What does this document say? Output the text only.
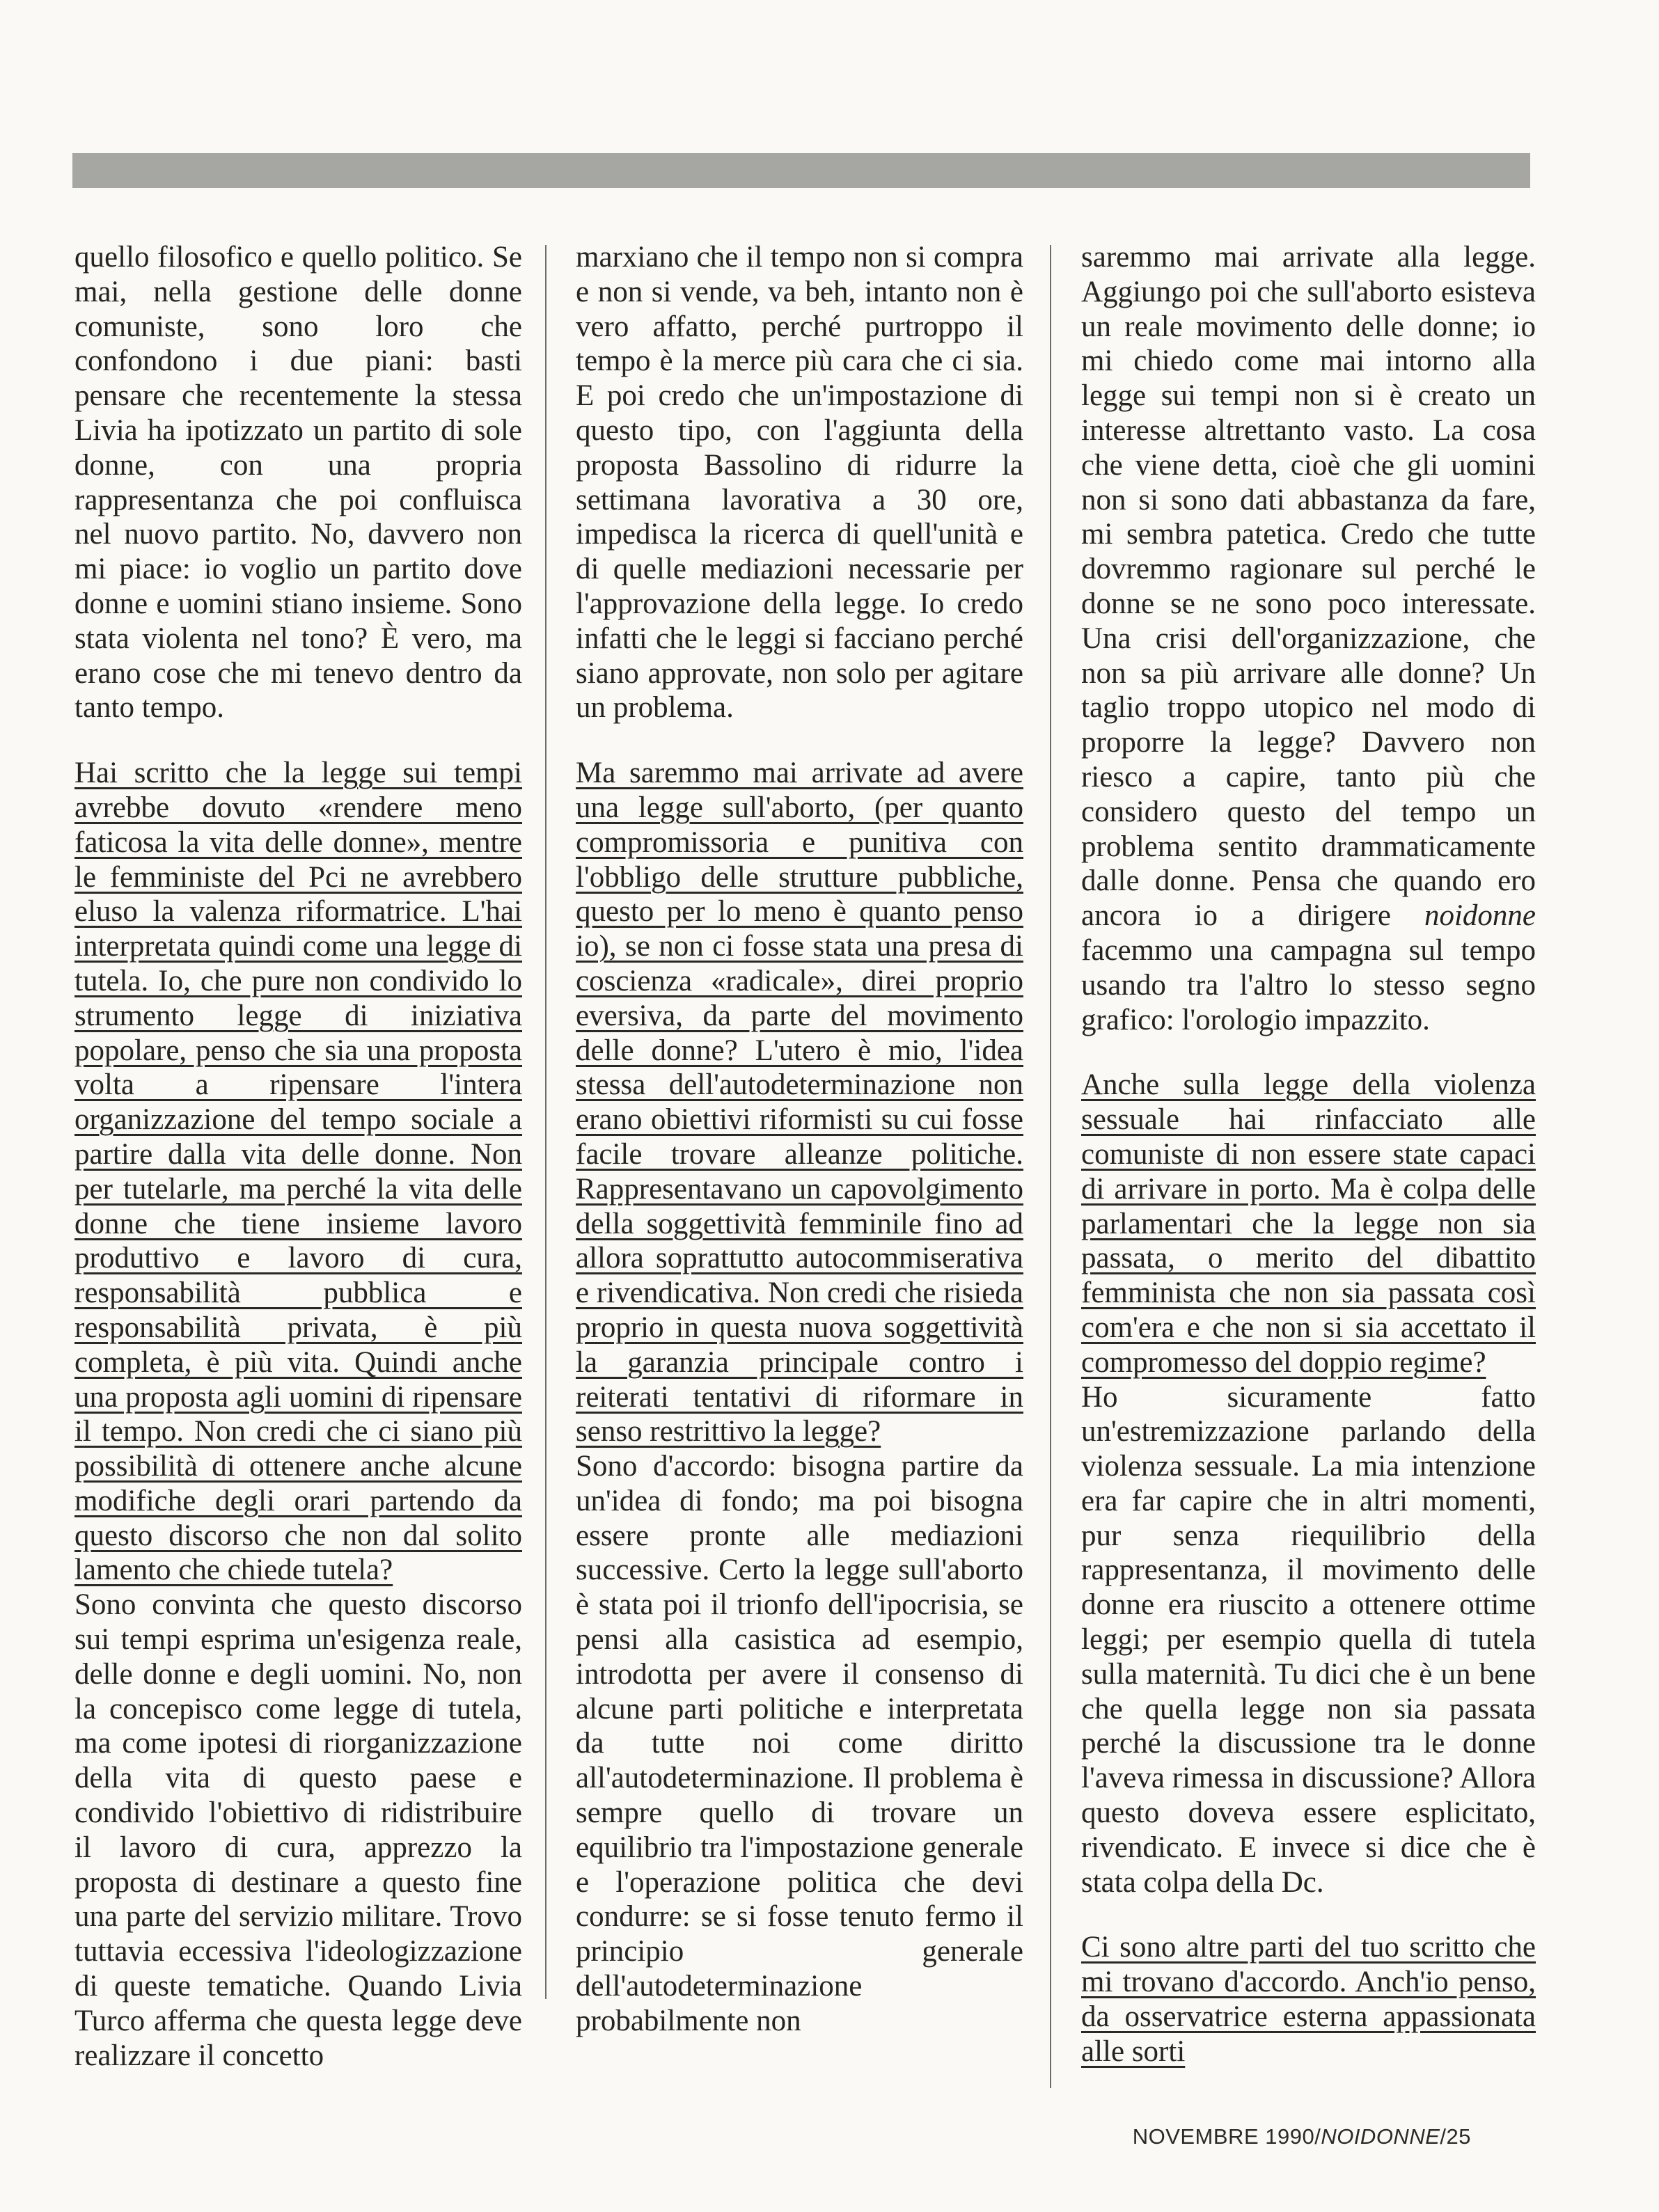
quello filosofico e quello politico. Se mai, nella gestione delle donne comuniste, sono loro che confondono i due piani: basti pensare che recentemente la stessa Livia ha ipotizzato un partito di sole donne, con una propria rappresentanza che poi confluisca nel nuovo partito. No, davvero non mi piace: io voglio un partito dove donne e uomini stiano insieme. Sono stata violenta nel tono? È vero, ma erano cose che mi tenevo dentro da tanto tempo.

Hai scritto che la legge sui tempi avrebbe dovuto «rendere meno faticosa la vita delle donne», mentre le femministe del Pci ne avrebbero eluso la valenza riformatrice. L'hai interpretata quindi come una legge di tutela. Io, che pure non condivido lo strumento legge di iniziativa popolare, penso che sia una proposta volta a ripensare l'intera organizzazione del tempo sociale a partire dalla vita delle donne. Non per tutelarle, ma perché la vita delle donne che tiene insieme lavoro produttivo e lavoro di cura, responsabilità pubblica e responsabilità privata, è più completa, è più vita. Quindi anche una proposta agli uomini di ripensare il tempo. Non credi che ci siano più possibilità di ottenere anche alcune modifiche degli orari partendo da questo discorso che non dal solito lamento che chiede tutela?

Sono convinta che questo discorso sui tempi esprima un'esigenza reale, delle donne e degli uomini. No, non la concepisco come legge di tutela, ma come ipotesi di riorganizzazione della vita di questo paese e condivido l'obiettivo di ridistribuire il lavoro di cura, apprezzo la proposta di destinare a questo fine una parte del servizio militare. Trovo tuttavia eccessiva l'ideologizzazione di queste tematiche. Quando Livia Turco afferma che questa legge deve realizzare il concetto

marxiano che il tempo non si compra e non si vende, va beh, intanto non è vero affatto, perché purtroppo il tempo è la merce più cara che ci sia. E poi credo che un'impostazione di questo tipo, con l'aggiunta della proposta Bassolino di ridurre la settimana lavorativa a 30 ore, impedisca la ricerca di quell'unità e di quelle mediazioni necessarie per l'approvazione della legge. Io credo infatti che le leggi si facciano perché siano approvate, non solo per agitare un problema.

Ma saremmo mai arrivate ad avere una legge sull'aborto, (per quanto compromissoria e punitiva con l'obbligo delle strutture pubbliche, questo per lo meno è quanto penso io), se non ci fosse stata una presa di coscienza «radicale», direi proprio eversiva, da parte del movimento delle donne? L'utero è mio, l'idea stessa dell'autodeterminazione non erano obiettivi riformisti su cui fosse facile trovare alleanze politiche. Rappresentavano un capovolgimento della soggettività femminile fino ad allora soprattutto autocommiserativa e rivendicativa. Non credi che risieda proprio in questa nuova soggettività la garanzia principale contro i reiterati tentativi di riformare in senso restrittivo la legge?

Sono d'accordo: bisogna partire da un'idea di fondo; ma poi bisogna essere pronte alle mediazioni successive. Certo la legge sull'aborto è stata poi il trionfo dell'ipocrisia, se pensi alla casistica ad esempio, introdotta per avere il consenso di alcune parti politiche e interpretata da tutte noi come diritto all'autodeterminazione. Il problema è sempre quello di trovare un equilibrio tra l'impostazione generale e l'operazione politica che devi condurre: se si fosse tenuto fermo il principio generale dell'autodeterminazione probabilmente non

saremmo mai arrivate alla legge. Aggiungo poi che sull'aborto esisteva un reale movimento delle donne; io mi chiedo come mai intorno alla legge sui tempi non si è creato un interesse altrettanto vasto. La cosa che viene detta, cioè che gli uomini non si sono dati abbastanza da fare, mi sembra patetica. Credo che tutte dovremmo ragionare sul perché le donne se ne sono poco interessate. Una crisi dell'organizzazione, che non sa più arrivare alle donne? Un taglio troppo utopico nel modo di proporre la legge? Davvero non riesco a capire, tanto più che considero questo del tempo un problema sentito drammaticamente dalle donne. Pensa che quando ero ancora io a dirigere noidonne facemmo una campagna sul tempo usando tra l'altro lo stesso segno grafico: l'orologio impazzito.

Anche sulla legge della violenza sessuale hai rinfacciato alle comuniste di non essere state capaci di arrivare in porto. Ma è colpa delle parlamentari che la legge non sia passata, o merito del dibattito femminista che non sia passata così com'era e che non si sia accettato il compromesso del doppio regime?

Ho sicuramente fatto un'estremizzazione parlando della violenza sessuale. La mia intenzione era far capire che in altri momenti, pur senza riequilibrio della rappresentanza, il movimento delle donne era riuscito a ottenere ottime leggi; per esempio quella di tutela sulla maternità. Tu dici che è un bene che quella legge non sia passata perché la discussione tra le donne l'aveva rimessa in discussione? Allora questo doveva essere esplicitato, rivendicato. E invece si dice che è stata colpa della Dc.

Ci sono altre parti del tuo scritto che mi trovano d'accordo. Anch'io penso, da osservatrice esterna appassionata alle sorti

NOVEMBRE 1990/NOIDONNE/25
